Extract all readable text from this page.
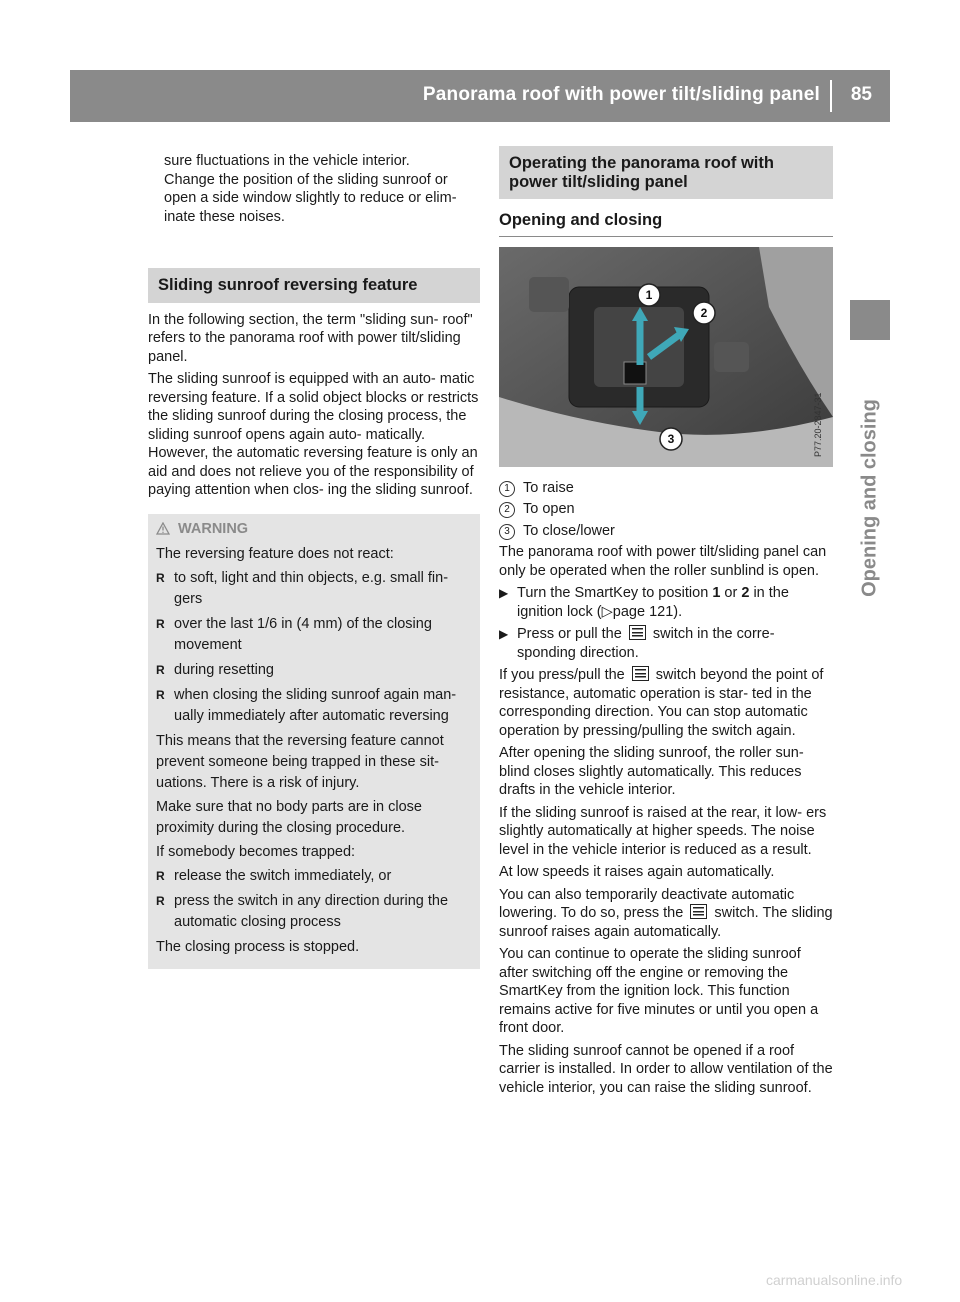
Panorama roof with power tilt/sliding panel 85
Opening and closing
sure fluctuations in the vehicle interior.
Change the position of the sliding sunroof or
open a side window slightly to reduce or elim-
inate these noises.
Sliding sunroof reversing feature

In the following section, the term "sliding sun- roof" refers to the panorama roof with power tilt/sliding panel.

The sliding sunroof is equipped with an auto- matic reversing feature. If a solid object blocks or restricts the sliding sunroof during the closing process, the sliding sunroof opens again auto- matically. However, the automatic reversing feature is only an aid and does not relieve you of the responsibility of paying attention when clos- ing the sliding sunroof.

WARNING

The reversing feature does not react:

R to soft, light and thin objects, e.g. small fin- gers
R over the last 1/6 in (4 mm) of the closing movement
R during resetting
R when closing the sliding sunroof again man- ually immediately after automatic reversing

This means that the reversing feature cannot prevent someone being trapped in these sit- uations. There is a risk of injury.

Make sure that no body parts are in close proximity during the closing procedure.

If somebody becomes trapped:

R release the switch immediately, or
R press the switch in any direction during the automatic closing process

The closing process is stopped.

Operating the panorama roof with power tilt/sliding panel
Opening and closing
1
2
3	P77.20-2847-31
1 To raise
2 To open
3 To close/lower

The panorama roof with power tilt/sliding panel can only be operated when the roller sunblind is open.

▶ Turn the SmartKey to position 1 or 2 in the ignition lock (▷page 121).
▶ Press or pull the  switch in the corre- sponding direction.

If you press/pull the  switch beyond the point of resistance, automatic operation is star- ted in the corresponding direction. You can stop automatic operation by pressing/pulling the switch again.

After opening the sliding sunroof, the roller sun- blind closes slightly automatically. This reduces drafts in the vehicle interior.

If the sliding sunroof is raised at the rear, it low- ers slightly automatically at higher speeds. The noise level in the vehicle interior is reduced as a result.

At low speeds it raises again automatically.

You can also temporarily deactivate automatic lowering. To do so, press the  switch. The sliding sunroof raises again automatically.

You can continue to operate the sliding sunroof after switching off the engine or removing the SmartKey from the ignition lock. This function remains active for five minutes or until you open a front door.

The sliding sunroof cannot be opened if a roof carrier is installed. In order to allow ventilation of the vehicle interior, you can raise the sliding sunroof.

carmanualsonline.info
